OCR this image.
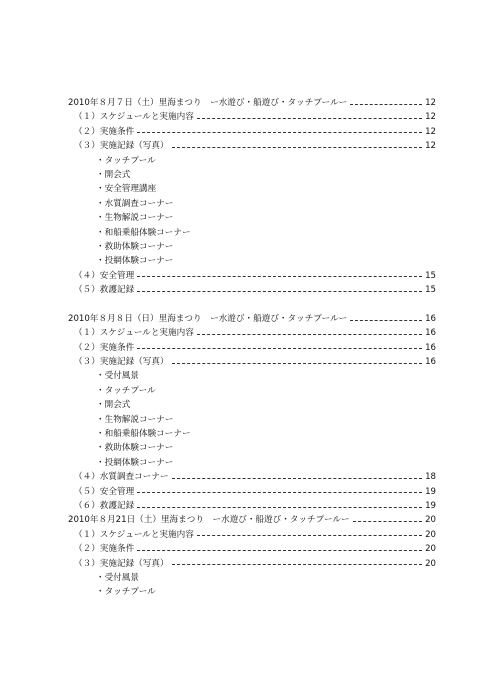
2010年８月７日（土）里海まつり　ー水遊び・船遊び・タッチプールー	12
（１）スケジュールと実施内容	12
（２）実施条件	12
（３）実施記録（写真）	12
・タッチプール
・開会式
・安全管理講座
・水質調査コーナー
・生物解説コーナー
・和船乗船体験コーナー
・救助体験コーナー
・投網体験コーナー
（４）安全管理	15
（５）救護記録	15
2010年８月８日（日）里海まつり　ー水遊び・船遊び・タッチプールー	16
（１）スケジュールと実施内容	16
（２）実施条件	16
（３）実施記録（写真）	16
・受付風景
・タッチプール
・開会式
・生物解説コーナー
・和船乗船体験コーナー
・救助体験コーナー
・投網体験コーナー
（４）水質調査コーナー	18
（５）安全管理	19
（６）救護記録	19
2010年８月21日（土）里海まつり　ー水遊び・船遊び・タッチプールー	20
（１）スケジュールと実施内容	20
（２）実施条件	20
（３）実施記録（写真）	20
・受付風景
・タッチプール
